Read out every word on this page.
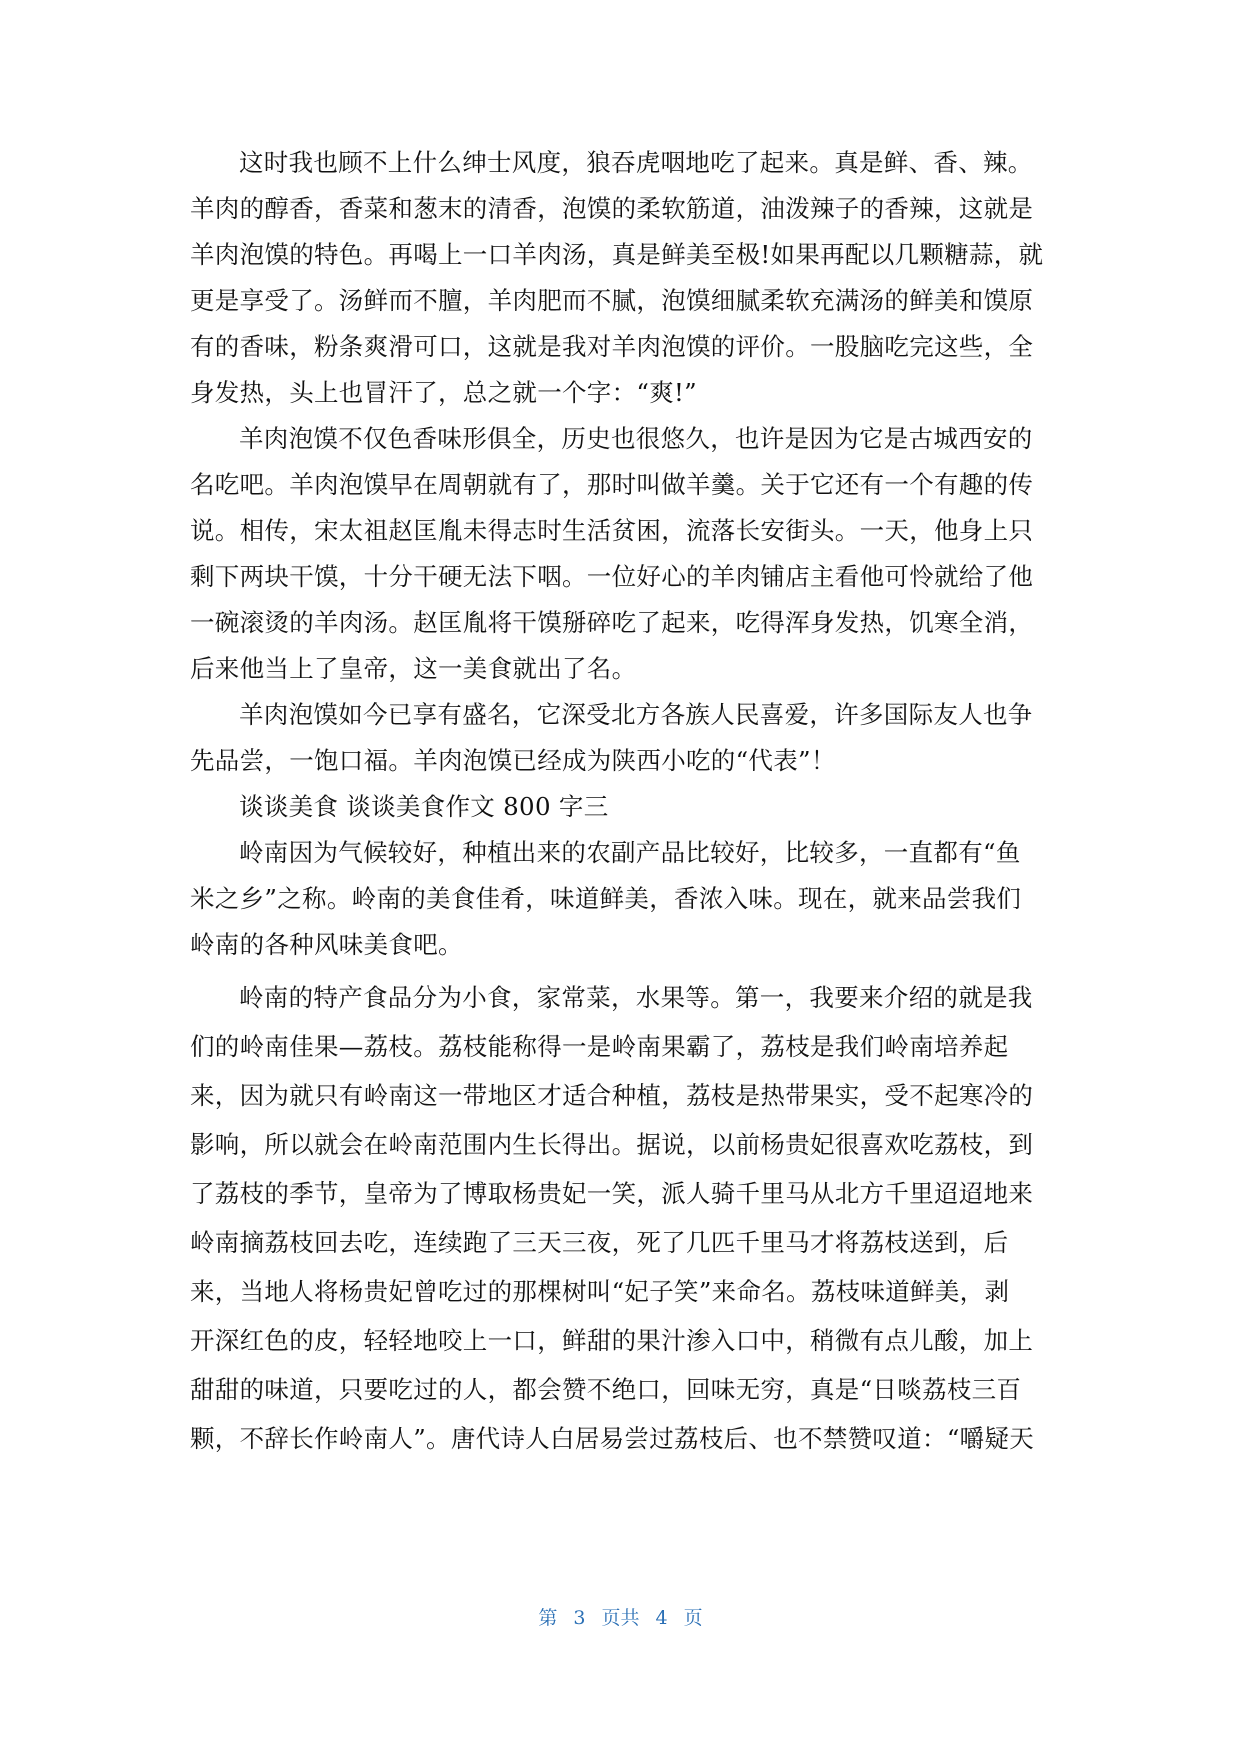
这时我也顾不上什么绅士风度，狼吞虎咽地吃了起来。真是鲜、香、辣。
羊肉的醇香，香菜和葱末的清香，泡馍的柔软筋道，油泼辣子的香辣，这就是
羊肉泡馍的特色。再喝上一口羊肉汤，真是鲜美至极!如果再配以几颗糖蒜，就
更是享受了。汤鲜而不膻，羊肉肥而不腻，泡馍细腻柔软充满汤的鲜美和馍原
有的香味，粉条爽滑可口，这就是我对羊肉泡馍的评价。一股脑吃完这些，全
身发热，头上也冒汗了，总之就一个字：“爽!”
羊肉泡馍不仅色香味形俱全，历史也很悠久，也许是因为它是古城西安的
名吃吧。羊肉泡馍早在周朝就有了，那时叫做羊羹。关于它还有一个有趣的传
说。相传，宋太祖赵匡胤未得志时生活贫困，流落长安街头。一天，他身上只
剩下两块干馍，十分干硬无法下咽。一位好心的羊肉铺店主看他可怜就给了他
一碗滚烫的羊肉汤。赵匡胤将干馍掰碎吃了起来，吃得浑身发热，饥寒全消，
后来他当上了皇帝，这一美食就出了名。
羊肉泡馍如今已享有盛名，它深受北方各族人民喜爱，许多国际友人也争
先品尝，一饱口福。羊肉泡馍已经成为陕西小吃的“代表”！
谈谈美食 谈谈美食作文 800 字三
岭南因为气候较好，种植出来的农副产品比较好，比较多，一直都有“鱼
米之乡”之称。岭南的美食佳肴，味道鲜美，香浓入味。现在，就来品尝我们
岭南的各种风味美食吧。
岭南的特产食品分为小食，家常菜，水果等。第一，我要来介绍的就是我
们的岭南佳果—荔枝。荔枝能称得一是岭南果霸了，荔枝是我们岭南培养起
来，因为就只有岭南这一带地区才适合种植，荔枝是热带果实，受不起寒冷的
影响，所以就会在岭南范围内生长得出。据说，以前杨贵妃很喜欢吃荔枝，到
了荔枝的季节，皇帝为了博取杨贵妃一笑，派人骑千里马从北方千里迢迢地来
岭南摘荔枝回去吃，连续跑了三天三夜，死了几匹千里马才将荔枝送到，后
来，当地人将杨贵妃曾吃过的那棵树叫“妃子笑”来命名。荔枝味道鲜美，剥
开深红色的皮，轻轻地咬上一口，鲜甜的果汁渗入口中，稍微有点儿酸，加上
甜甜的味道，只要吃过的人，都会赞不绝口，回味无穷，真是“日啖荔枝三百
颗，不辞长作岭南人”。唐代诗人白居易尝过荔枝后、也不禁赞叹道：“嚼疑天
第 3 页共 4 页
